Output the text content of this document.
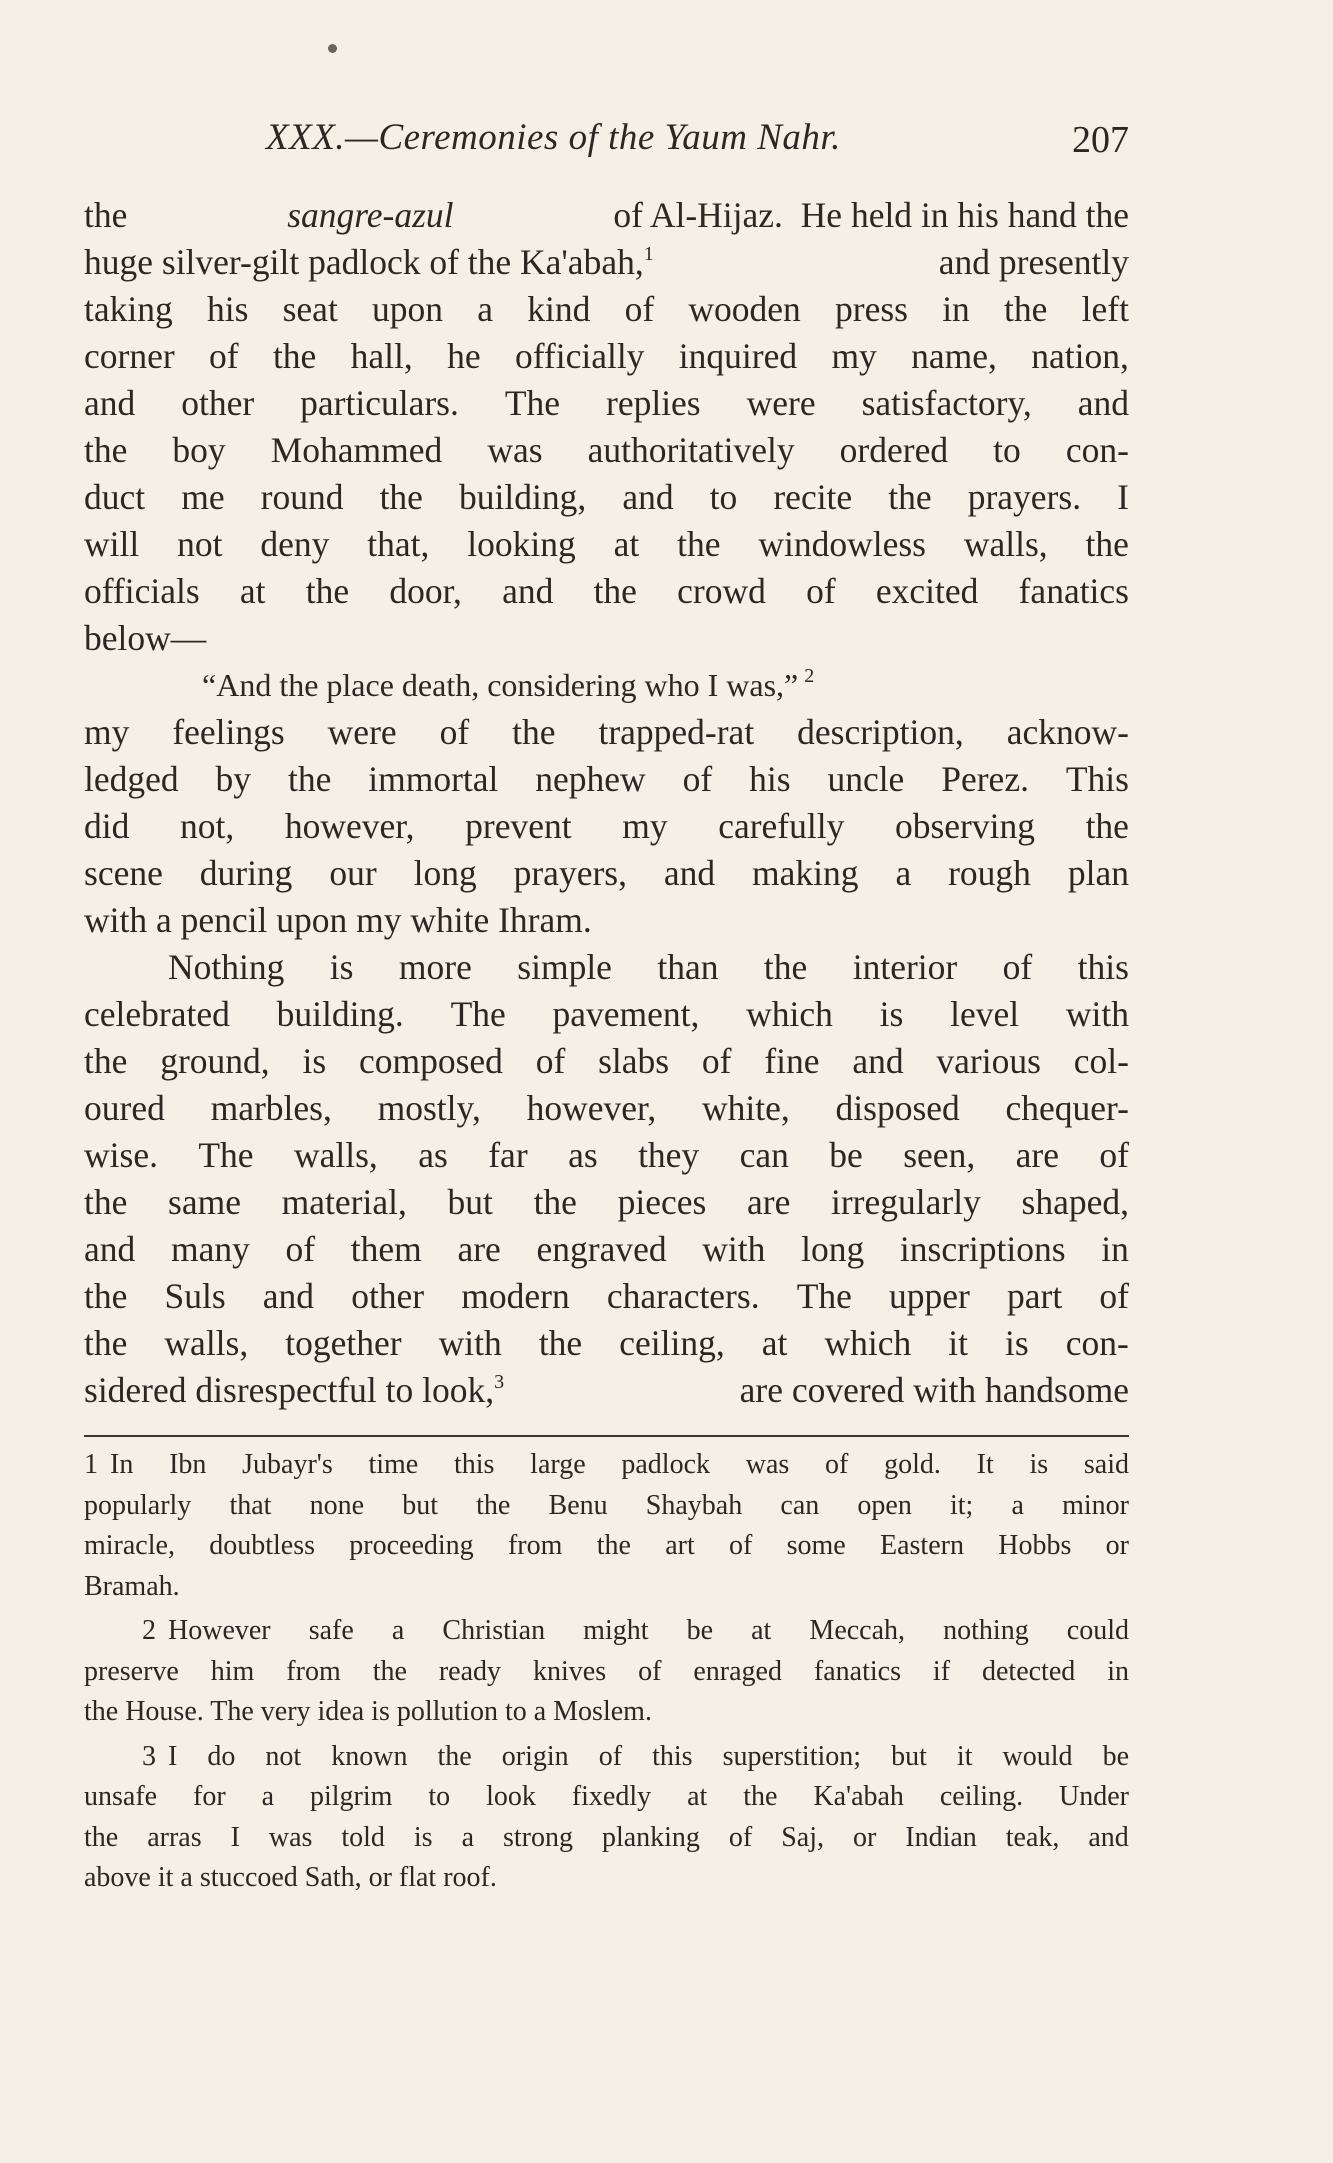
XXX.—Ceremonies of the Yaum Nahr.	207
the	sangre-azul	of Al-Hijaz.  He held in his hand the
huge silver-gilt padlock of the Ka'abah,$^1$	and presently
taking his seat upon a kind of wooden press in the left
corner of the hall, he officially inquired my name, nation,
and other particulars. The replies were satisfactory, and
the boy Mohammed was authoritatively ordered to con-
duct me round the building, and to recite the prayers. I
will not deny that, looking at the windowless walls, the
officials at the door, and the crowd of excited fanatics
below—
“And the place death, considering who I was,” $^2$
my feelings were of the trapped-rat description, acknow-
ledged by the immortal nephew of his uncle Perez. This
did not, however, prevent my carefully observing the
scene during our long prayers, and making a rough plan
with a pencil upon my white Ihram.
Nothing is more simple than the interior of this
celebrated building. The pavement, which is level with
the ground, is composed of slabs of fine and various col-
oured marbles, mostly, however, white, disposed chequer-
wise. The walls, as far as they can be seen, are of
the same material, but the pieces are irregularly shaped,
and many of them are engraved with long inscriptions in
the Suls and other modern characters. The upper part of
the walls, together with the ceiling, at which it is con-
sidered disrespectful to look,$^3$	are covered with handsome
1 In Ibn Jubayr's time this large padlock was of gold. It is said
popularly that none but the Benu Shaybah can open it; a minor
miracle, doubtless proceeding from the art of some Eastern Hobbs or
Bramah.
2 However safe a Christian might be at Meccah, nothing could
preserve him from the ready knives of enraged fanatics if detected in
the House. The very idea is pollution to a Moslem.
3 I do not known the origin of this superstition; but it would be
unsafe for a pilgrim to look fixedly at the Ka'abah ceiling. Under
the arras I was told is a strong planking of Saj, or Indian teak, and
above it a stuccoed Sath, or flat roof.
